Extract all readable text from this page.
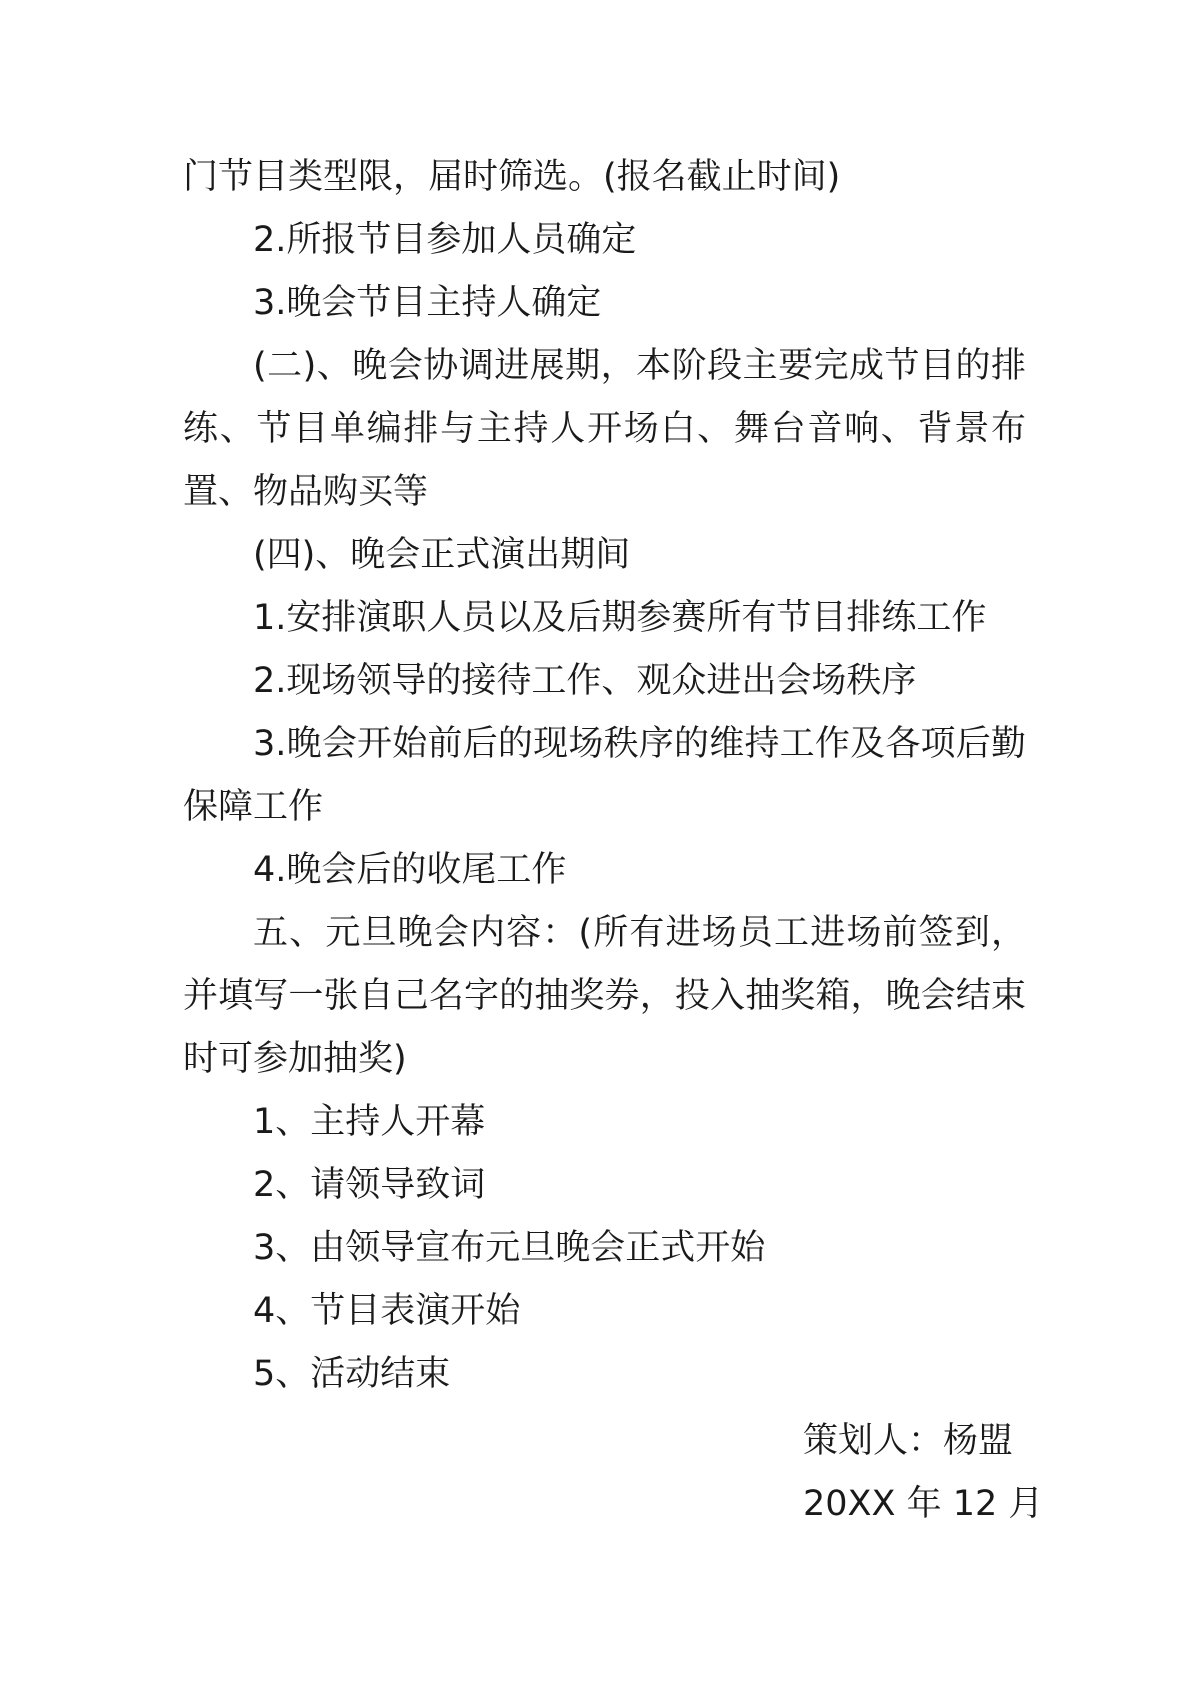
门节目类型限，届时筛选。(报名截止时间)

2.所报节目参加人员确定

3.晚会节目主持人确定

(二)、晚会协调进展期，本阶段主要完成节目的排练、节目单编排与主持人开场白、舞台音响、背景布置、物品购买等

(四)、晚会正式演出期间

1.安排演职人员以及后期参赛所有节目排练工作

2.现场领导的接待工作、观众进出会场秩序

3.晚会开始前后的现场秩序的维持工作及各项后勤保障工作

4.晚会后的收尾工作

五、元旦晚会内容：(所有进场员工进场前签到，并填写一张自己名字的抽奖券，投入抽奖箱，晚会结束时可参加抽奖)

1、主持人开幕

2、请领导致词

3、由领导宣布元旦晚会正式开始

4、节目表演开始

5、活动结束

策划人：杨盟
20XX 年 12 月
